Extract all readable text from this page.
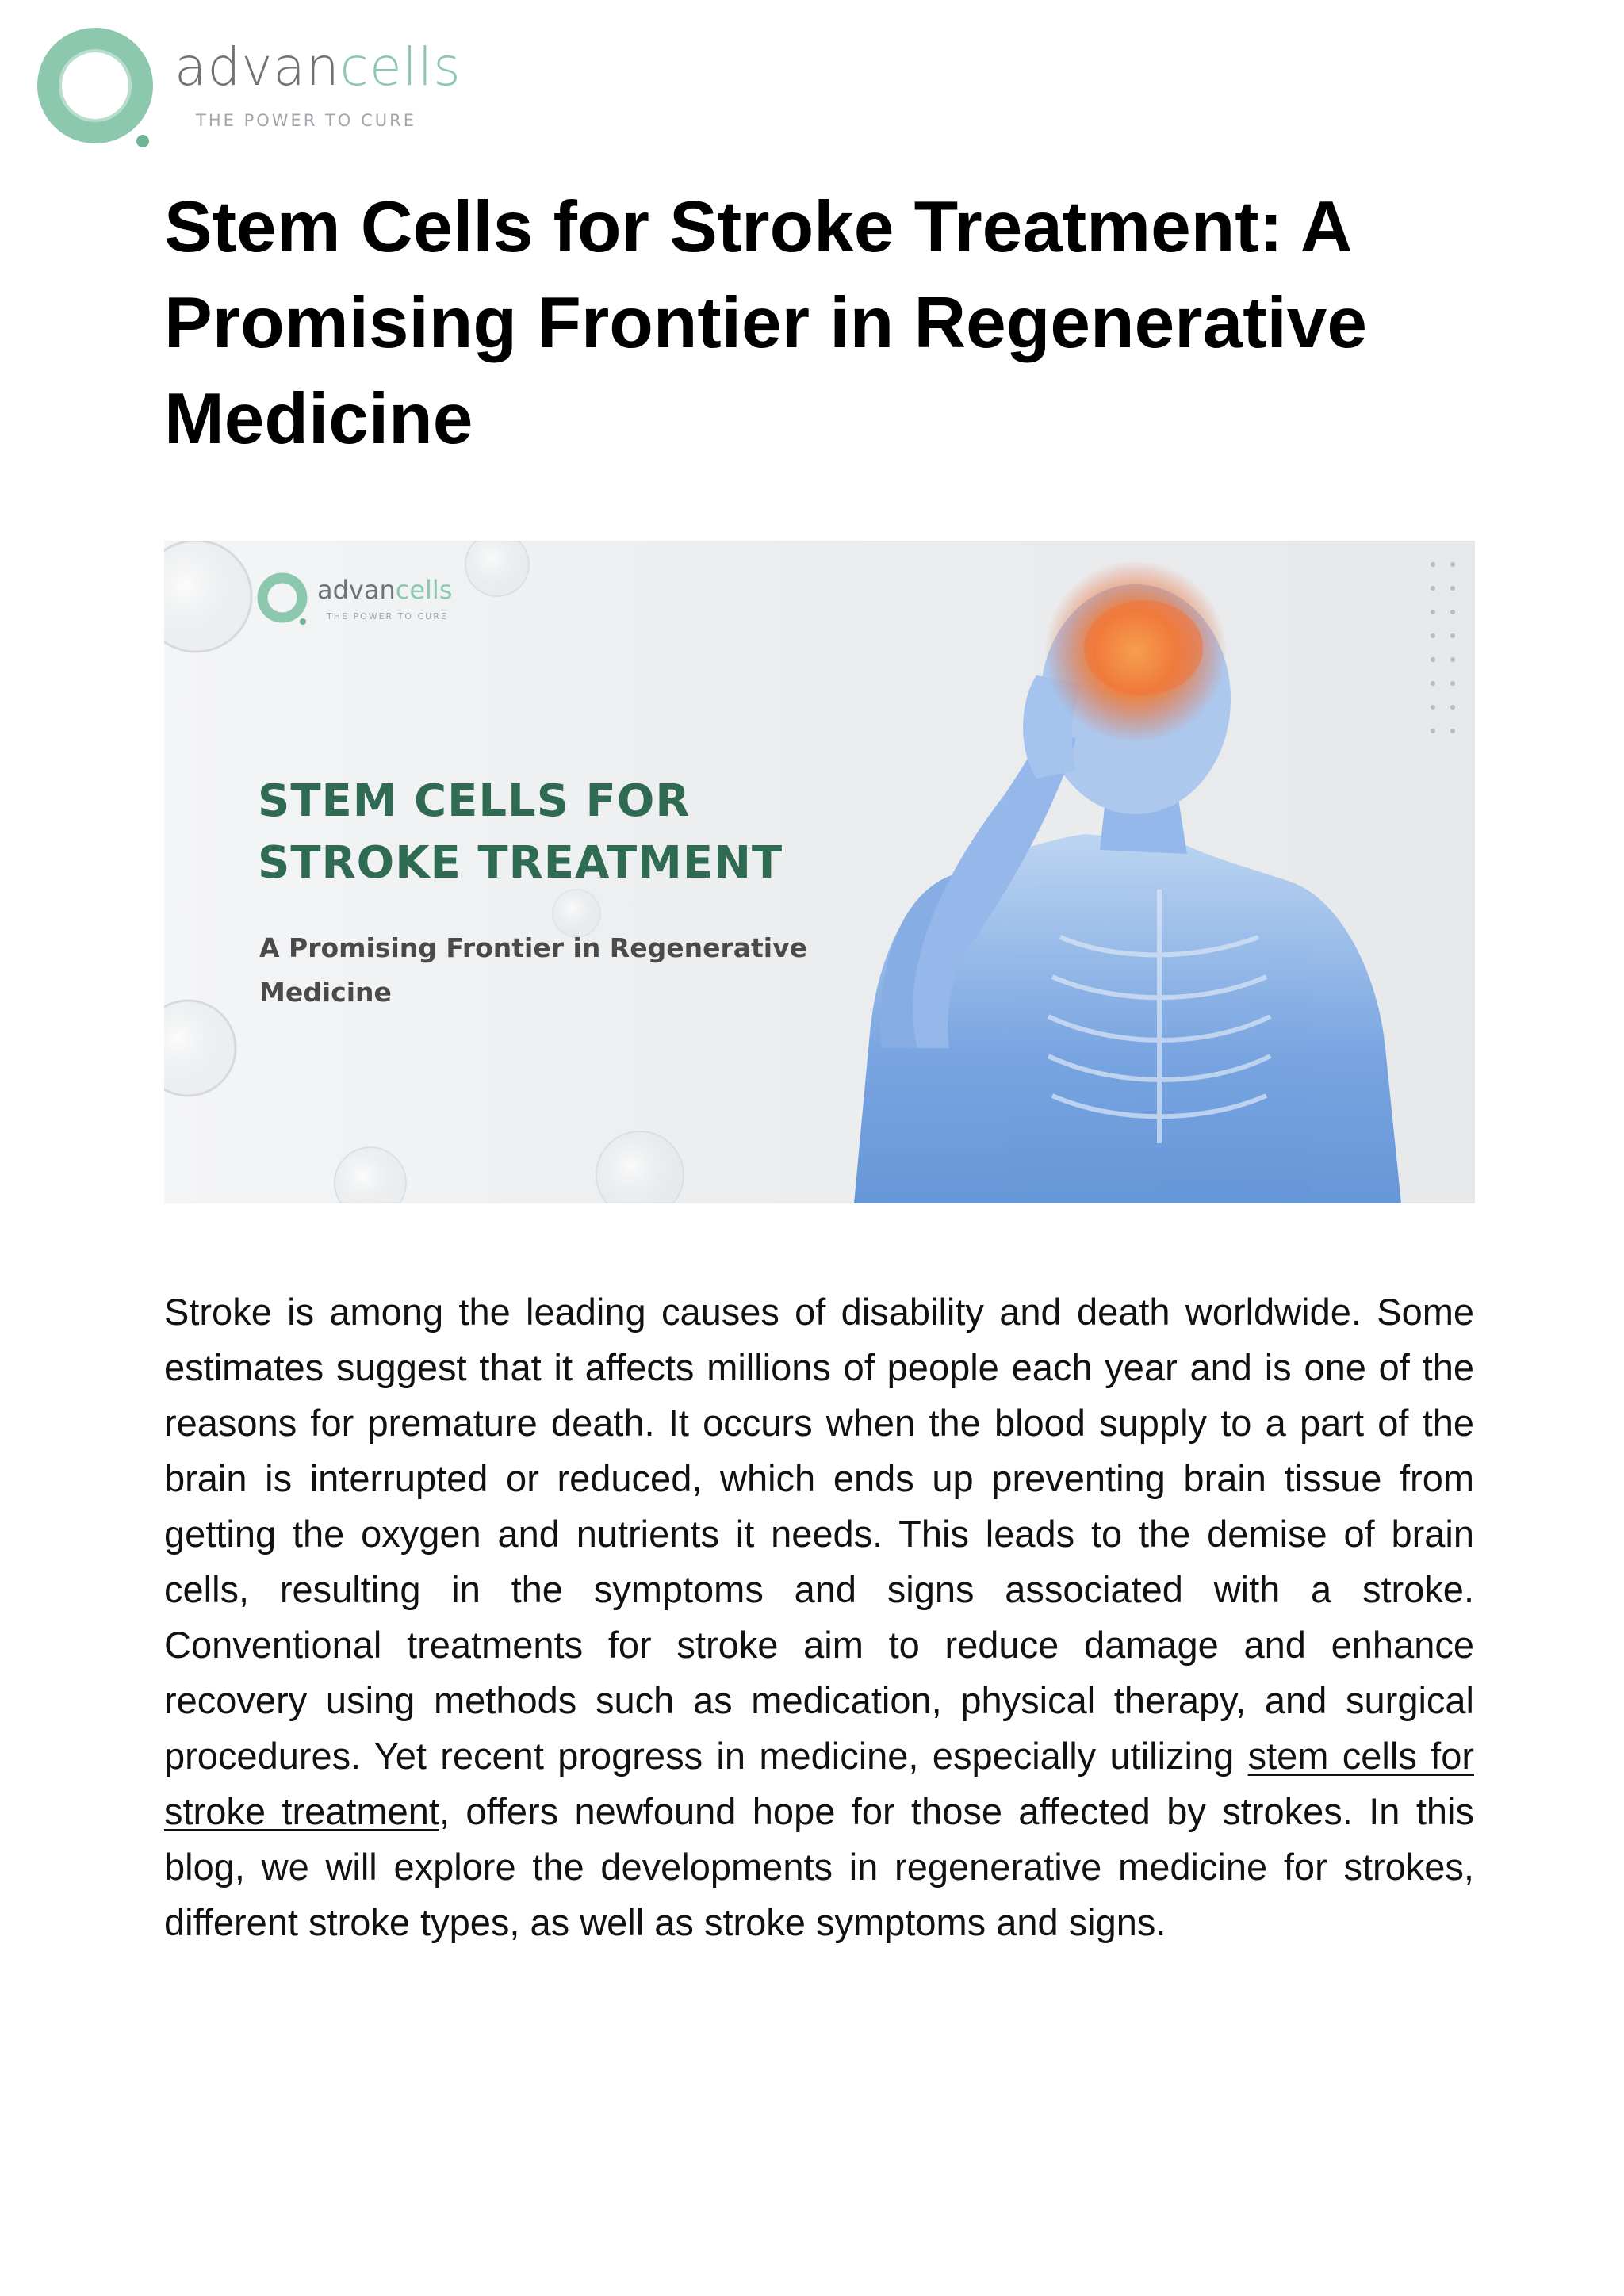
advancells
THE POWER TO CURE
Stem Cells for Stroke Treatment: A Promising Frontier in Regenerative Medicine
advancells
THE POWER TO CURE
STEM CELLS FOR STROKE TREATMENT

A Promising Frontier in Regenerative Medicine

Stroke is among the leading causes of disability and death worldwide. Some estimates suggest that it affects millions of people each year and is one of the reasons for premature death. It occurs when the blood supply to a part of the brain is interrupted or reduced, which ends up preventing brain tissue from getting the oxygen and nutrients it needs. This leads to the demise of brain cells, resulting in the symptoms and signs associated with a stroke. Conventional treatments for stroke aim to reduce damage and enhance recovery using methods such as medication, physical therapy, and surgical procedures. Yet recent progress in medicine, especially utilizing stem cells for stroke treatment, offers newfound hope for those affected by strokes. In this blog, we will explore the developments in regenerative medicine for strokes, different stroke types, as well as stroke symptoms and signs.
